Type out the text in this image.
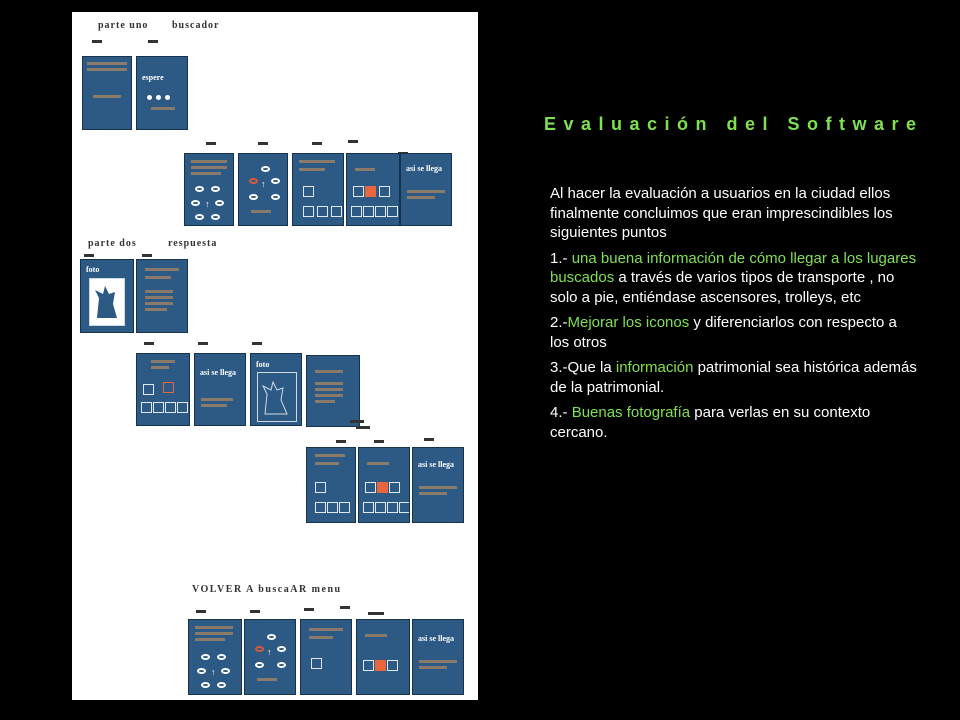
parte uno buscador
espere
↑
↑
asi se llega
parte dos	respuesta
foto
asi se llega
foto
asi se llega
VOLVER A buscaAR menu
↑
↑
asi se llega
Evaluación del Software

Al hacer la evaluación a usuarios en la ciudad ellos finalmente concluimos que eran imprescindibles los siguientes puntos

1.- una buena información de cómo llegar a los lugares buscados a través de varios tipos de transporte , no solo a pie, entiéndase ascensores, trolleys, etc

2.-Mejorar los iconos y diferenciarlos con respecto a los otros

3.-Que la información patrimonial sea histórica además de la patrimonial.

4.- Buenas fotografía para verlas en su contexto cercano.
